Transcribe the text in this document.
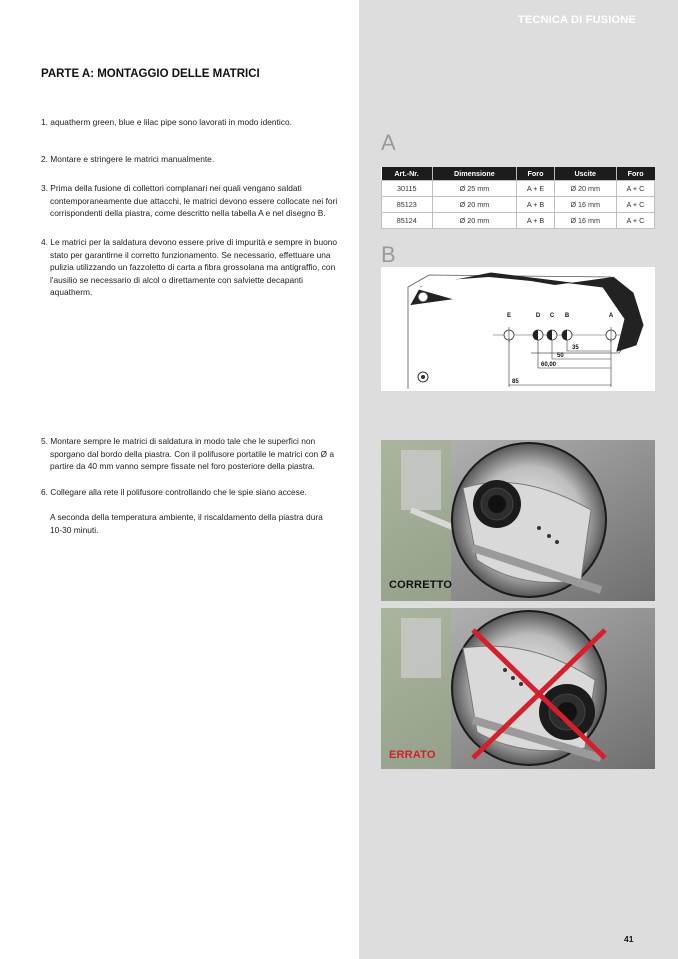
TECNICA DI FUSIONE
PARTE A: MONTAGGIO DELLE MATRICI
1. aquatherm green, blue e lilac pipe sono lavorati in modo identico.
2. Montare e stringere le matrici manualmente.
3. Prima della fusione di collettori complanari nei quali vengano saldati contemporaneamente due attacchi, le matrici devono essere collocate nei fori corrispondenti della piastra, come descritto nella tabella A e nel disegno B.
4. Le matrici per la saldatura devono essere prive di impurità e sempre in buono stato per garantirne il corretto funzionamento. Se necessario, effettuare una pulizia utilizzando un fazzoletto di carta a fibra grossolana ma antigraffio, con l'ausilio se necessario di alcol o direttamente con salviette decapanti aquatherm.
5. Montare sempre le matrici di saldatura in modo tale che le superfici non sporgano dal bordo della piastra. Con il polifusore portatile le matrici con Ø a partire da 40 mm vanno sempre fissate nel foro posteriore della piastra.
6. Collegare alla rete il polifusore controllando che le spie siano accese.
A seconda della temperatura ambiente, il riscaldamento della piastra dura 10-30 minuti.
A
Art.-Nr.	Dimensione	Foro	Uscite	Foro
30115	Ø 25 mm	A + E	Ø 20 mm	A + C
85123	Ø 20 mm	A + B	Ø 16 mm	A + C
85124	Ø 20 mm	A + B	Ø 16 mm	A + C
B
E	D C B	A
35
50
60,00
85
CORRETTO
ERRATO
41
